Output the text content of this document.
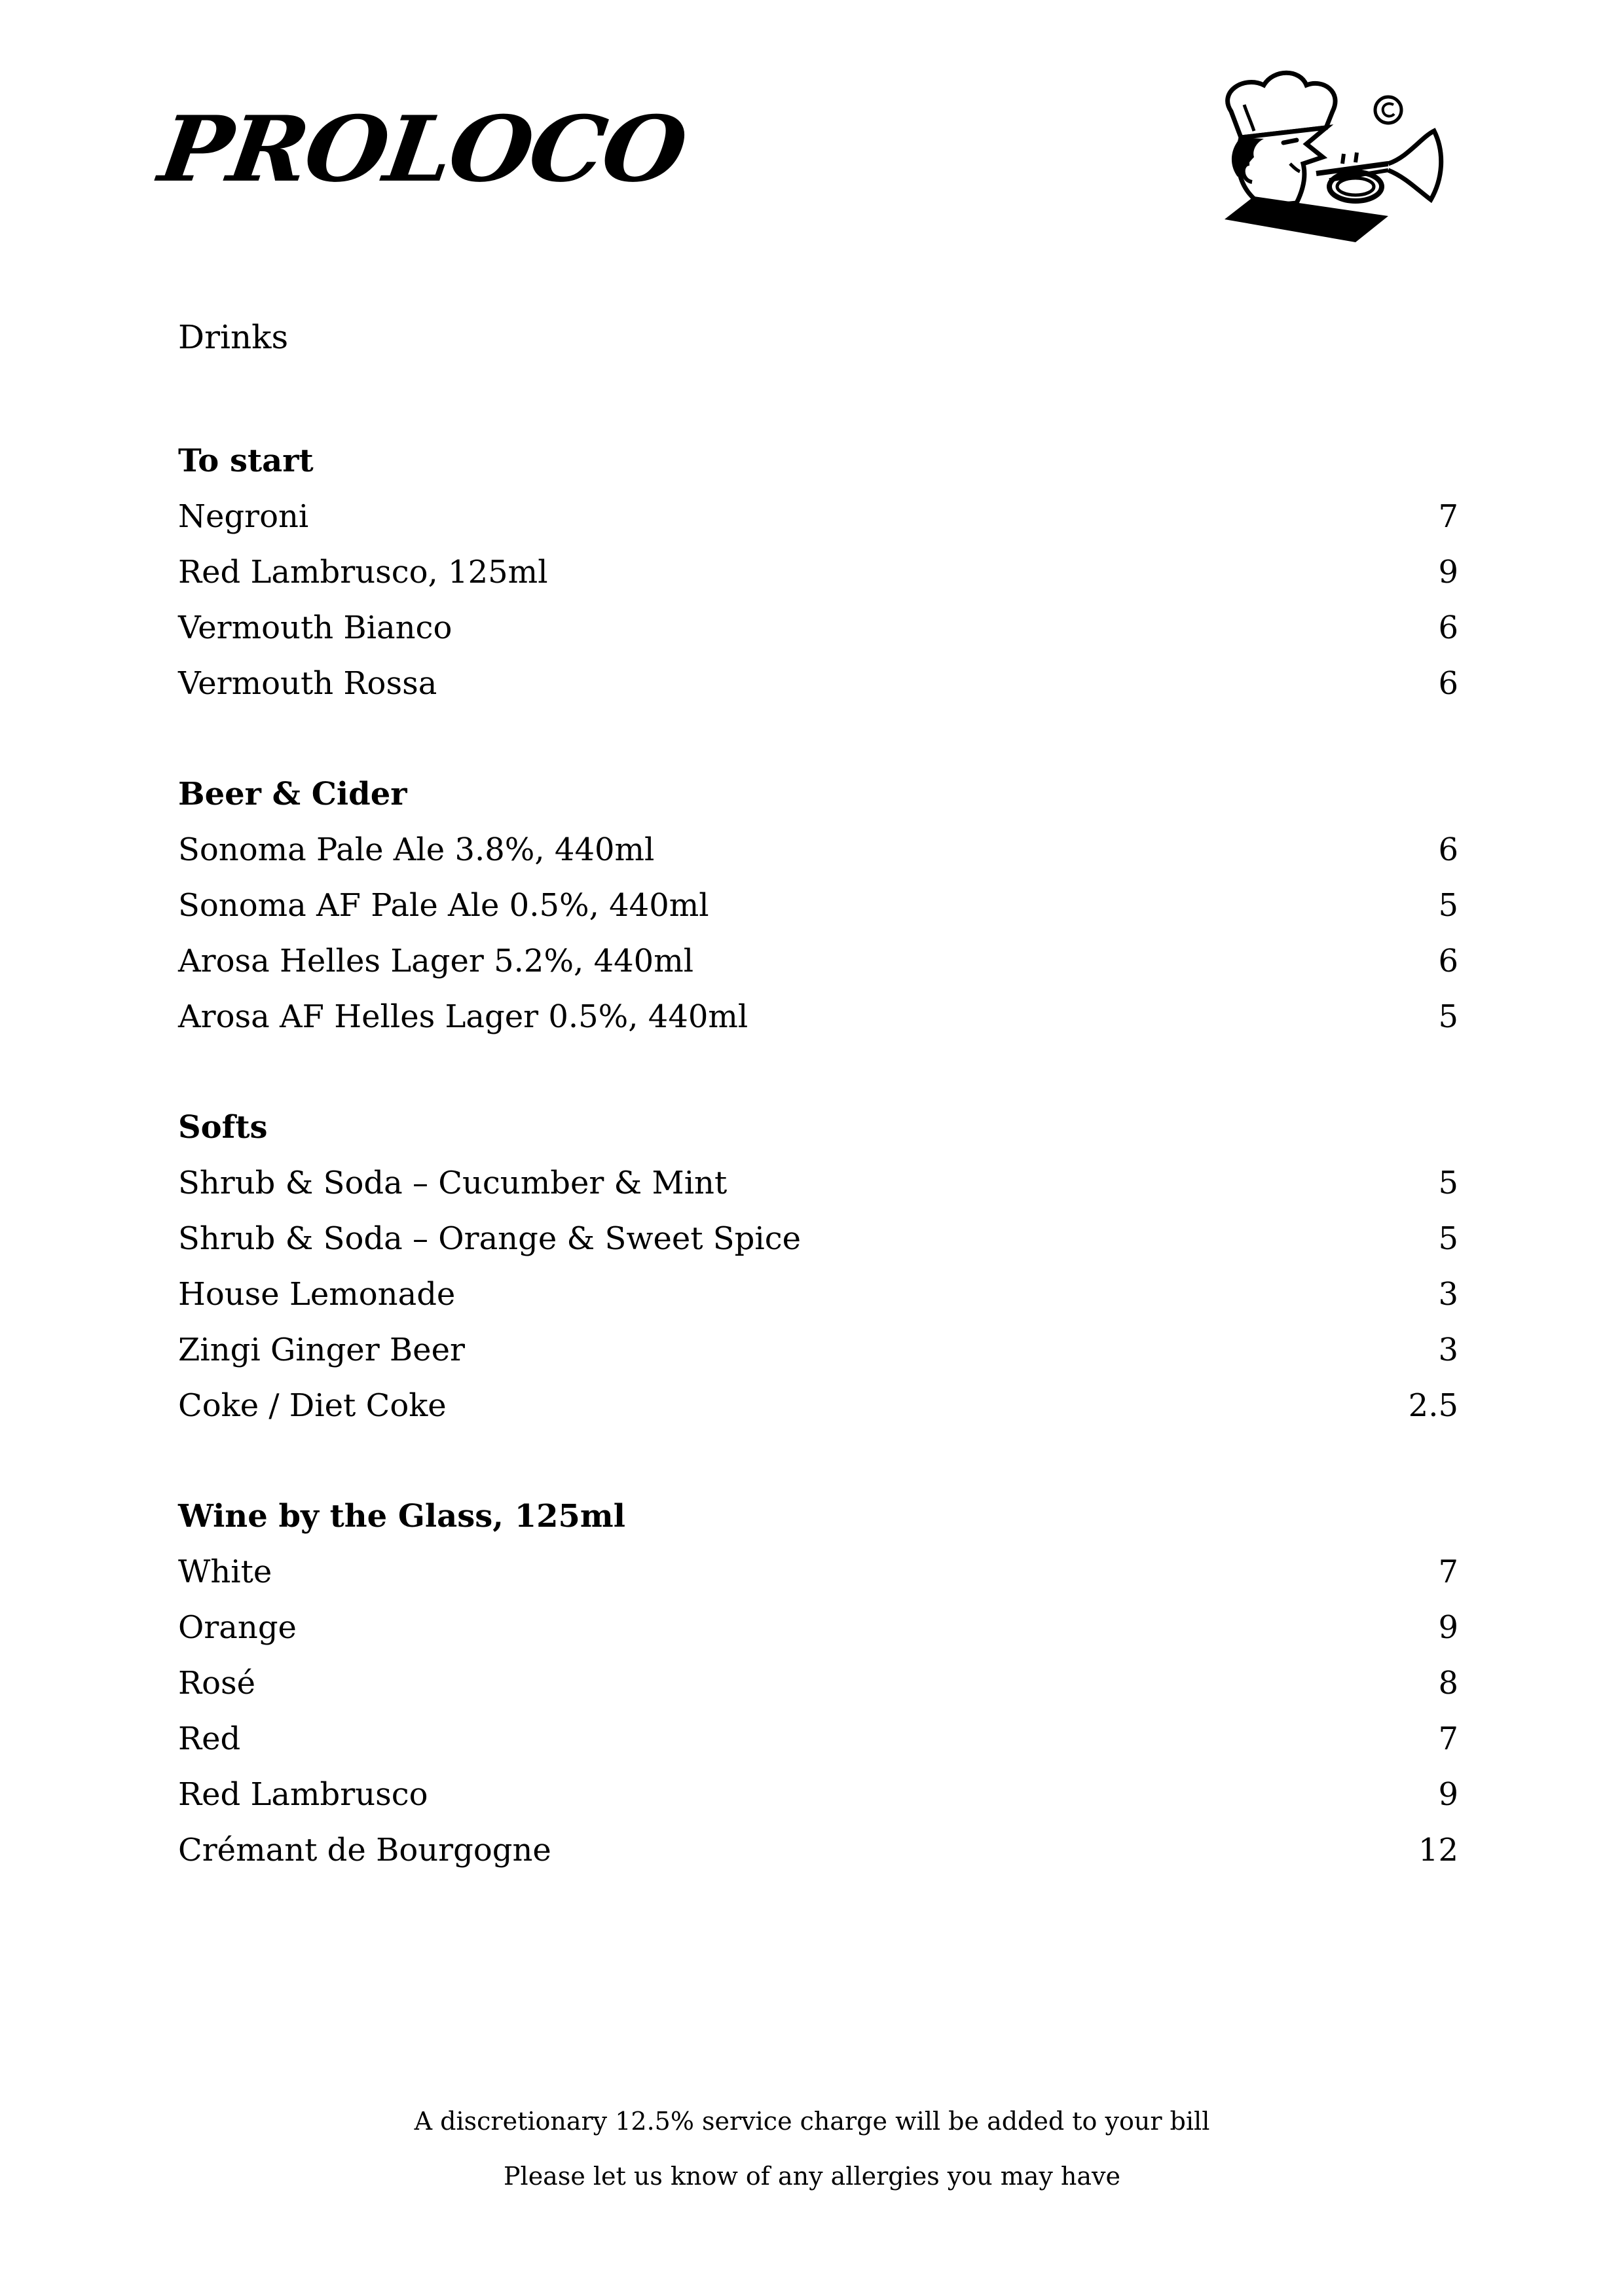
PROLOCO
Drinks
To start
Negroni	7
Red Lambrusco, 125ml	9
Vermouth Bianco	6
Vermouth Rossa	6
Beer & Cider
Sonoma Pale Ale 3.8%, 440ml	6
Sonoma AF Pale Ale 0.5%, 440ml	5
Arosa Helles Lager 5.2%, 440ml	6
Arosa AF Helles Lager 0.5%, 440ml	5
Softs
Shrub & Soda – Cucumber & Mint	5
Shrub & Soda – Orange & Sweet Spice	5
House Lemonade	3
Zingi Ginger Beer	3
Coke / Diet Coke	2.5
Wine by the Glass, 125ml
White	7
Orange	9
Rosé	8
Red	7
Red Lambrusco	9
Crémant de Bourgogne	12
A discretionary 12.5% service charge will be added to your bill
Please let us know of any allergies you may have
